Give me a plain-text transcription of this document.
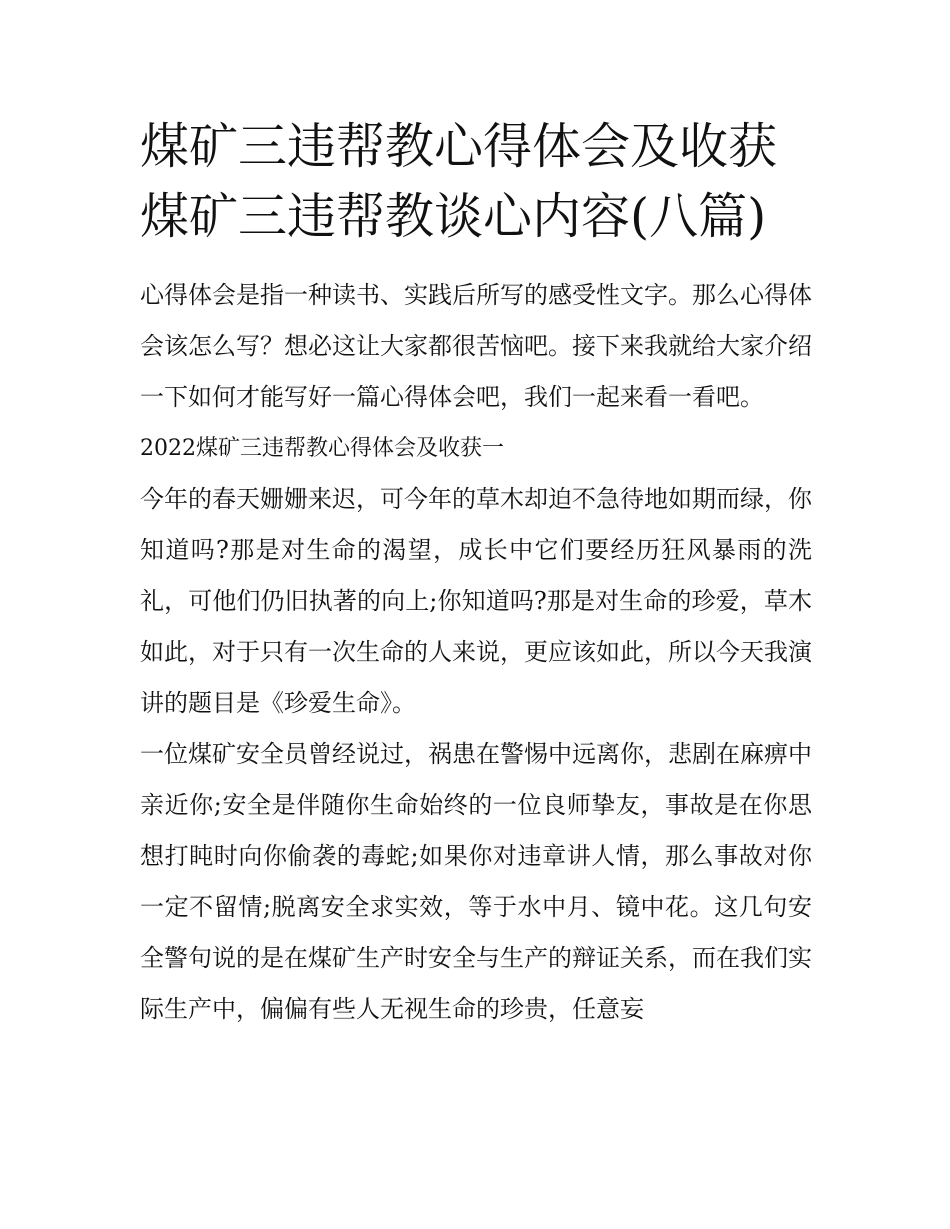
煤矿三违帮教心得体会及收获
煤矿三违帮教谈心内容(八篇)

心得体会是指一种读书、实践后所写的感受性文字。那么心得体会该怎么写？想必这让大家都很苦恼吧。接下来我就给大家介绍一下如何才能写好一篇心得体会吧，我们一起来看一看吧。

2022煤矿三违帮教心得体会及收获一

今年的春天姗姗来迟，可今年的草木却迫不急待地如期而绿，你知道吗?那是对生命的渴望，成长中它们要经历狂风暴雨的洗礼，可他们仍旧执著的向上;你知道吗?那是对生命的珍爱，草木如此，对于只有一次生命的人来说，更应该如此，所以今天我演讲的题目是《珍爱生命》。

一位煤矿安全员曾经说过，祸患在警惕中远离你，悲剧在麻痹中亲近你;安全是伴随你生命始终的一位良师挚友，事故是在你思想打盹时向你偷袭的毒蛇;如果你对违章讲人情，那么事故对你一定不留情;脱离安全求实效，等于水中月、镜中花。这几句安全警句说的是在煤矿生产时安全与生产的辩证关系，而在我们实际生产中，偏偏有些人无视生命的珍贵，任意妄
